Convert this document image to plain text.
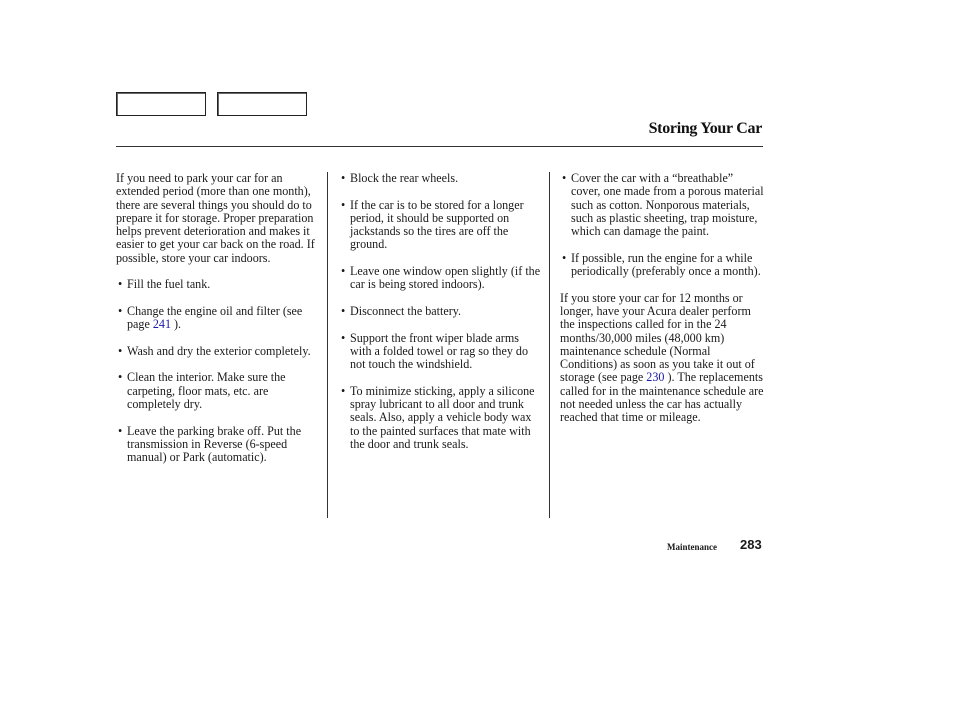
Storing Your Car

If you need to park your car for an extended period (more than one month), there are several things you should do to prepare it for storage. Proper preparation helps prevent deterioration and makes it easier to get your car back on the road. If possible, store your car indoors.

• Fill the fuel tank.
• Change the engine oil and filter (see page 241 ).
• Wash and dry the exterior completely.
• Clean the interior. Make sure the carpeting, floor mats, etc. are completely dry.
• Leave the parking brake off. Put the transmission in Reverse (6-speed manual) or Park (automatic).
• Block the rear wheels.
• If the car is to be stored for a longer period, it should be supported on jackstands so the tires are off the ground.
• Leave one window open slightly (if the car is being stored indoors).
• Disconnect the battery.
• Support the front wiper blade arms with a folded towel or rag so they do not touch the windshield.
• To minimize sticking, apply a silicone spray lubricant to all door and trunk seals. Also, apply a vehicle body wax to the painted surfaces that mate with the door and trunk seals.
• Cover the car with a “breathable” cover, one made from a porous material such as cotton. Nonporous materials, such as plastic sheeting, trap moisture, which can damage the paint.
• If possible, run the engine for a while periodically (preferably once a month).

If you store your car for 12 months or longer, have your Acura dealer perform the inspections called for in the 24 months/30,000 miles (48,000 km) maintenance schedule (Normal Conditions) as soon as you take it out of storage (see page 230 ). The replacements called for in the maintenance schedule are not needed unless the car has actually reached that time or mileage.

Maintenance 283
